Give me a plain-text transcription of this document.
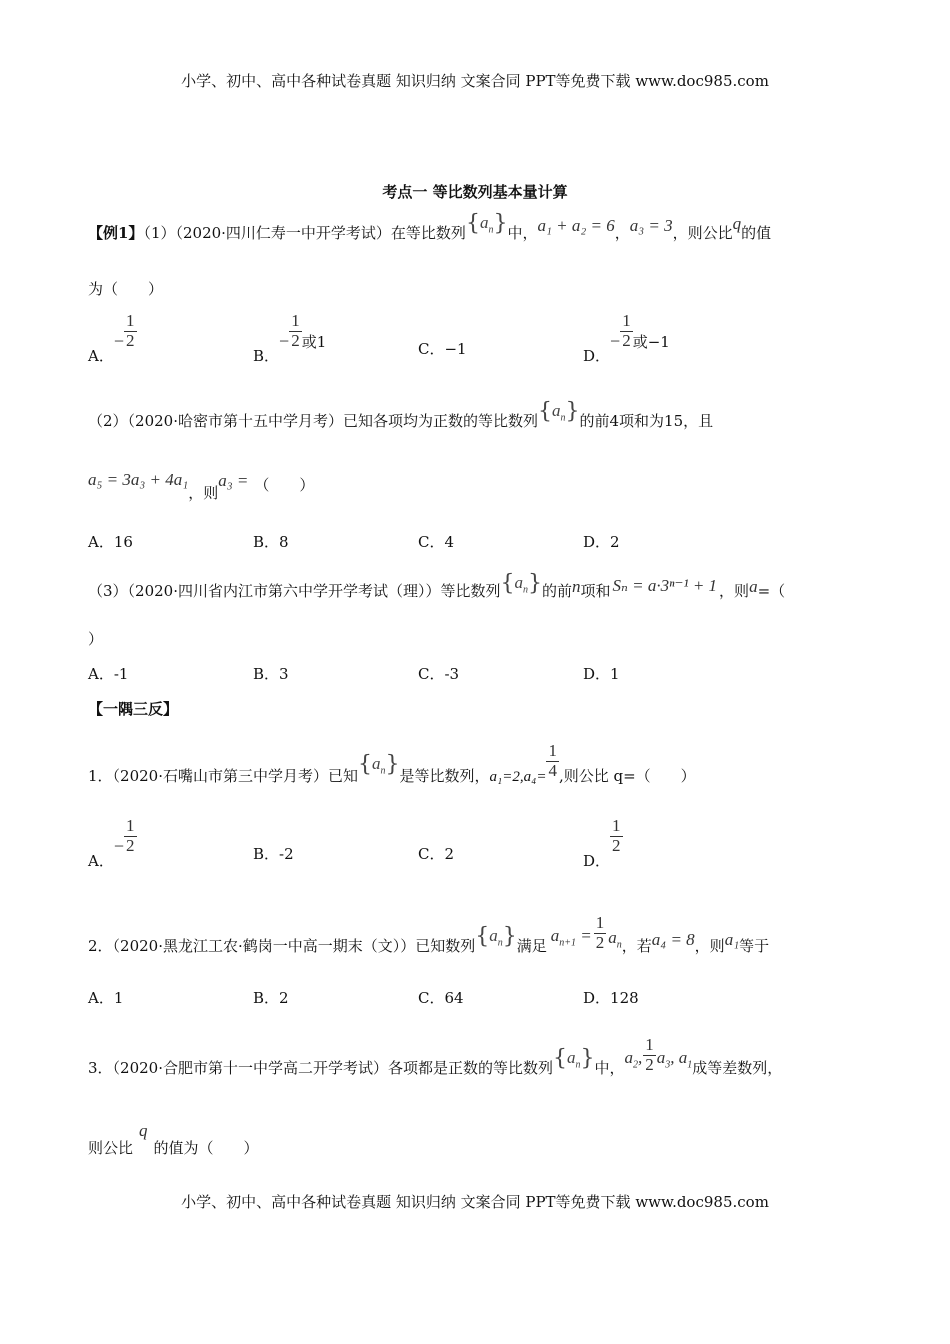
小学、初中、高中各种试卷真题 知识归纳 文案合同 PPT等免费下载 www.doc985.com
小学、初中、高中各种试卷真题 知识归纳 文案合同 PPT等免费下载 www.doc985.com
考点一 等比数列基本量计算
【例1】（1）（2020·四川仁寿一中开学考试）在等比数列$\{a_n\}$中，a₁ + a₂ = 6，a₃ = 3，则公比q的值
为（　　）
A．− $\frac{1}{2}$
B．− $\frac{1}{2}$ 或1	C．−1	D．− $\frac{1}{2}$ 或−1
（2）（2020·哈密市第十五中学月考）已知各项均为正数的等比数列$\{a_n\}$的前4项和为15，且
a₅ = 3a₃ + 4a₁，则a₃ = （　　）
A．16	B．8	C．4	D．2
（3）（2020·四川省内江市第六中学开学考试（理））等比数列$\{a_n\}$的前n项和 Sₙ = a·3ⁿ⁻¹ + 1 ，则a=（
）
A．-1	B．3	C．-3	D．1
【一隅三反】
1．（2020·石嘴山市第三中学月考）已知$\{a_n\}$是等比数列，$a_1=2,a_4= \frac{1}{4}$ ,则公比 q=（　　）
A．− $\frac{1}{2}$	B．-2	C．2	D．
$\frac{1}{2}$
2．（2020·黑龙江工农·鹤岗一中高一期末（文））已知数列$\{a_n\}$满足$a_{n+1} = \frac{1}{2} a_n$，若a₄ = 8，则a₁等于
A．1	B．2	C．64	D．128
3．（2020·合肥市第十一中学高二开学考试）各项都是正数的等比数列$\{a_n\}$中，$a_2$, $\frac{1}{2} a_3$, $a_1$成等差数列，
则公比q的值为（　　）
